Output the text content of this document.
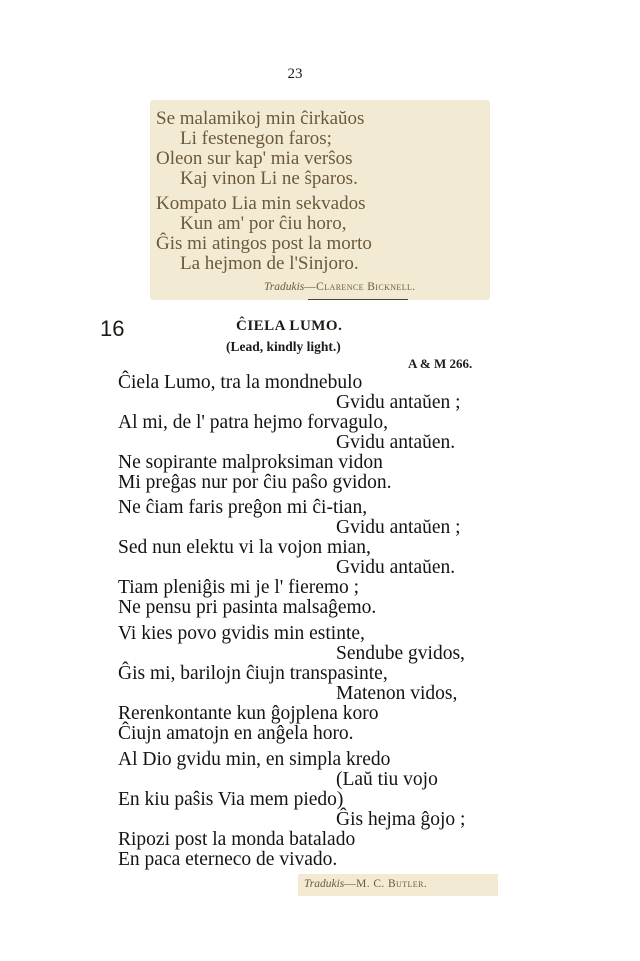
23
Se malamikoj min ĉirkaŭos
Li festenegon faros;
Oleon sur kap' mia verŝos
Kaj vinon Li ne ŝparos.
Kompato Lia min sekvados
Kun am' por ĉiu horo,
Ĝis mi atingos post la morto
La hejmon de l'Sinjoro.
Tradukis—Clarence Bicknell.
16	ĈIELA LUMO.
(Lead, kindly light.)
A & M 266.
Ĉiela Lumo, tra la mondnebulo
Gvidu antaŭen ;
Al mi, de l' patra hejmo forvagulo,
Gvidu antaŭen.
Ne sopirante malproksiman vidon
Mi preĝas nur por ĉiu paŝo gvidon.
Ne ĉiam faris preĝon mi ĉi-tian,
Gvidu antaŭen ;
Sed nun elektu vi la vojon mian,
Gvidu antaŭen.
Tiam pleniĝis mi je l' fieremo ;
Ne pensu pri pasinta malsaĝemo.
Vi kies povo gvidis min estinte,
Sendube gvidos,
Ĝis mi, barilojn ĉiujn transpasinte,
Matenon vidos,
Rerenkontante kun ĝojplena koro
Ĉiujn amatojn en anĝela horo.
Al Dio gvidu min, en simpla kredo
(Laŭ tiu vojo
En kiu paŝis Via mem piedo)
Ĝis hejma ĝojo ;
Ripozi post la monda batalado
En paca eterneco de vivado.
Tradukis—M. C. Butler.
